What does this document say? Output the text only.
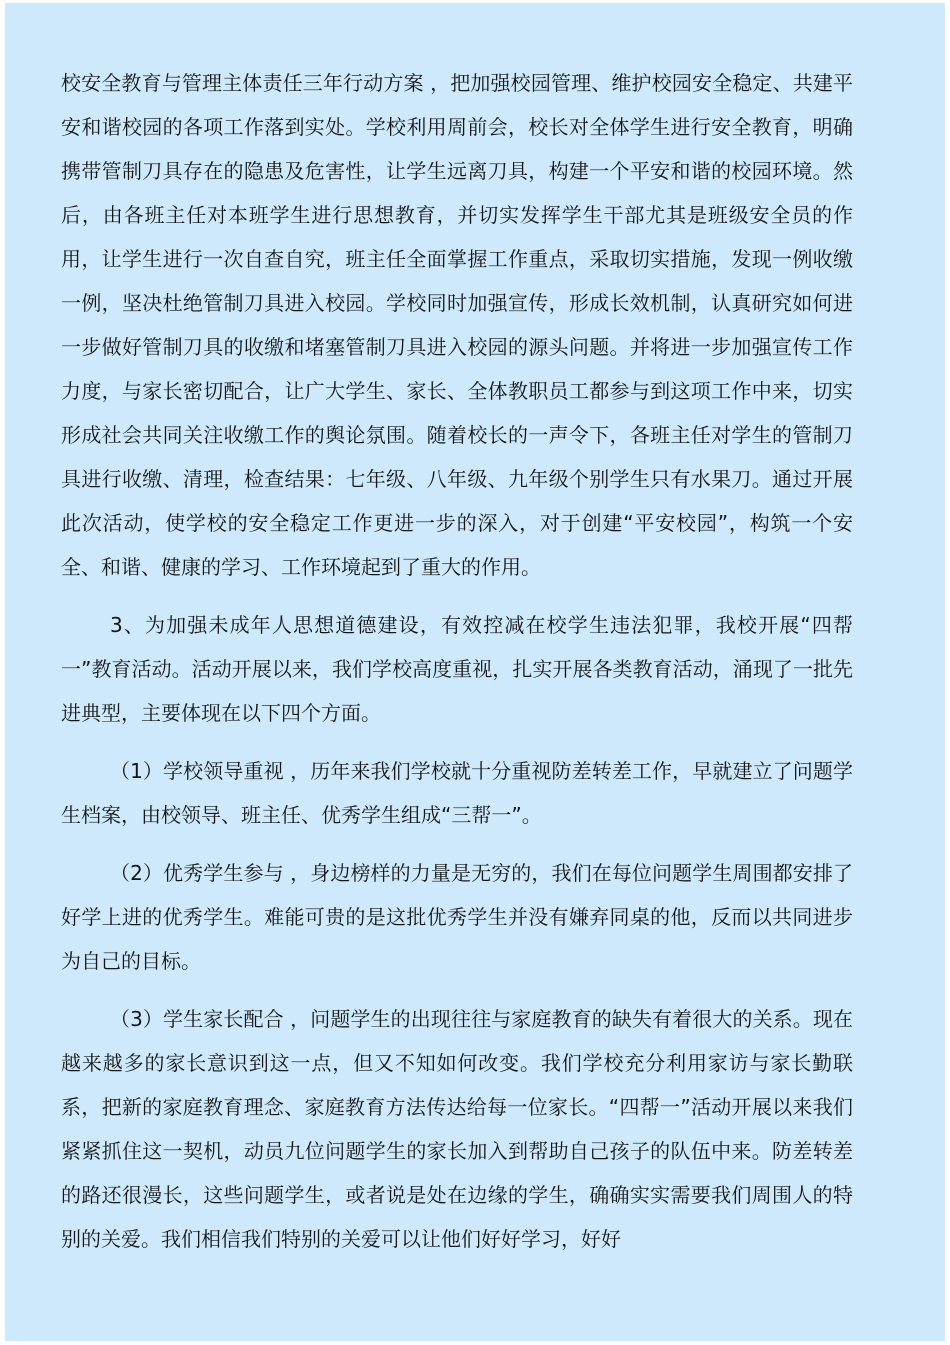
校安全教育与管理主体责任三年行动方案 ，把加强校园管理、维护校园安全稳定、共建平安和谐校园的各项工作落到实处。学校利用周前会，校长对全体学生进行安全教育，明确携带管制刀具存在的隐患及危害性，让学生远离刀具，构建一个平安和谐的校园环境。然后，由各班主任对本班学生进行思想教育，并切实发挥学生干部尤其是班级安全员的作用，让学生进行一次自查自究，班主任全面掌握工作重点，采取切实措施，发现一例收缴一例，坚决杜绝管制刀具进入校园。学校同时加强宣传，形成长效机制，认真研究如何进一步做好管制刀具的收缴和堵塞管制刀具进入校园的源头问题。并将进一步加强宣传工作力度，与家长密切配合，让广大学生、家长、全体教职员工都参与到这项工作中来，切实形成社会共同关注收缴工作的舆论氛围。随着校长的一声令下，各班主任对学生的管制刀具进行收缴、清理，检查结果：七年级、八年级、九年级个别学生只有水果刀。通过开展此次活动，使学校的安全稳定工作更进一步的深入，对于创建“平安校园”，构筑一个安全、和谐、健康的学习、工作环境起到了重大的作用。

3、为加强未成年人思想道德建设，有效控减在校学生违法犯罪，我校开展“四帮一”教育活动。活动开展以来，我们学校高度重视，扎实开展各类教育活动，涌现了一批先进典型，主要体现在以下四个方面。

（1）学校领导重视 ，历年来我们学校就十分重视防差转差工作，早就建立了问题学生档案，由校领导、班主任、优秀学生组成“三帮一”。

（2）优秀学生参与 ，身边榜样的力量是无穷的，我们在每位问题学生周围都安排了好学上进的优秀学生。难能可贵的是这批优秀学生并没有嫌弃同桌的他，反而以共同进步为自己的目标。

（3）学生家长配合 ，问题学生的出现往往与家庭教育的缺失有着很大的关系。现在越来越多的家长意识到这一点，但又不知如何改变。我们学校充分利用家访与家长勤联系，把新的家庭教育理念、家庭教育方法传达给每一位家长。“四帮一”活动开展以来我们紧紧抓住这一契机，动员九位问题学生的家长加入到帮助自己孩子的队伍中来。防差转差的路还很漫长，这些问题学生，或者说是处在边缘的学生，确确实实需要我们周围人的特别的关爱。我们相信我们特别的关爱可以让他们好好学习，好好
